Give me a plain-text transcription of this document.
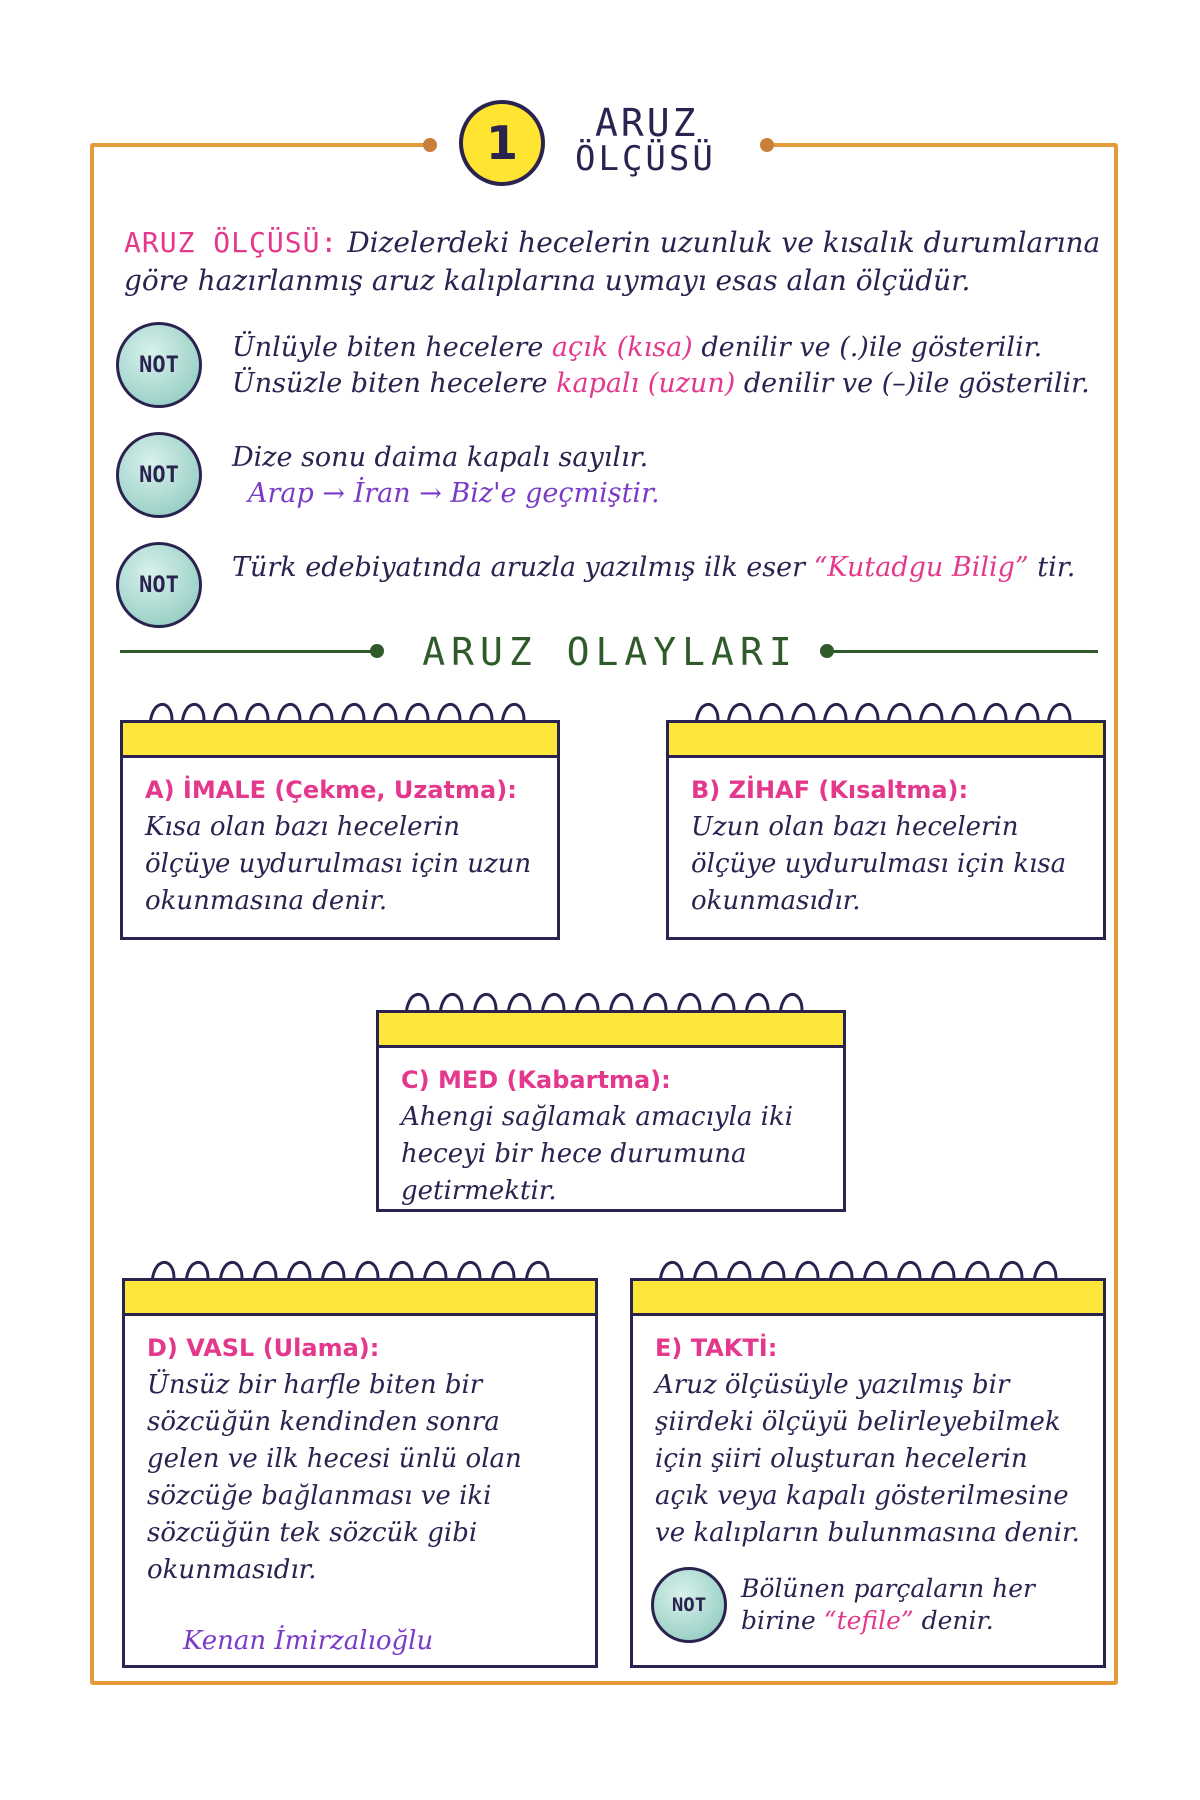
1	ARUZ
ÖLÇÜSÜ
ARUZ ÖLÇÜSÜ: Dizelerdeki hecelerin uzunluk ve kısalık durumlarına göre hazırlanmış aruz kalıplarına uymayı esas alan ölçüdür.
NOT
Ünlüyle biten hecelere açık (kısa) denilir ve (.)ile gösterilir.
Ünsüzle biten hecelere kapalı (uzun) denilir ve (–)ile gösterilir.
NOT
Dize sonu daima kapalı sayılır.
Arap → İran → Biz'e geçmiştir.
NOT
Türk edebiyatında aruzla yazılmış ilk eser “Kutadgu Bilig” tir.
ARUZ OLAYLARI
A) İMALE (Çekme, Uzatma):
Kısa olan bazı hecelerin ölçüye uydurulması için uzun okunmasına denir.
B) ZİHAF (Kısaltma):
Uzun olan bazı hecelerin ölçüye uydurulması için kısa okunmasıdır.
C) MED (Kabartma):
Ahengi sağlamak amacıyla iki heceyi bir hece durumuna getirmektir.
D) VASL (Ulama):
Ünsüz bir harfle biten bir sözcüğün kendinden sonra gelen ve ilk hecesi ünlü olan sözcüğe bağlanması ve iki sözcüğün tek sözcük gibi okunmasıdır.
Kenan İmirzalıoğlu
E) TAKTİ:
Aruz ölçüsüyle yazılmış bir şiirdeki ölçüyü belirleyebilmek için şiiri oluşturan hecelerin açık veya kapalı gösterilmesine ve kalıpların bulunmasına denir.
NOT
Bölünen parçaların her birine “tefile” denir.
